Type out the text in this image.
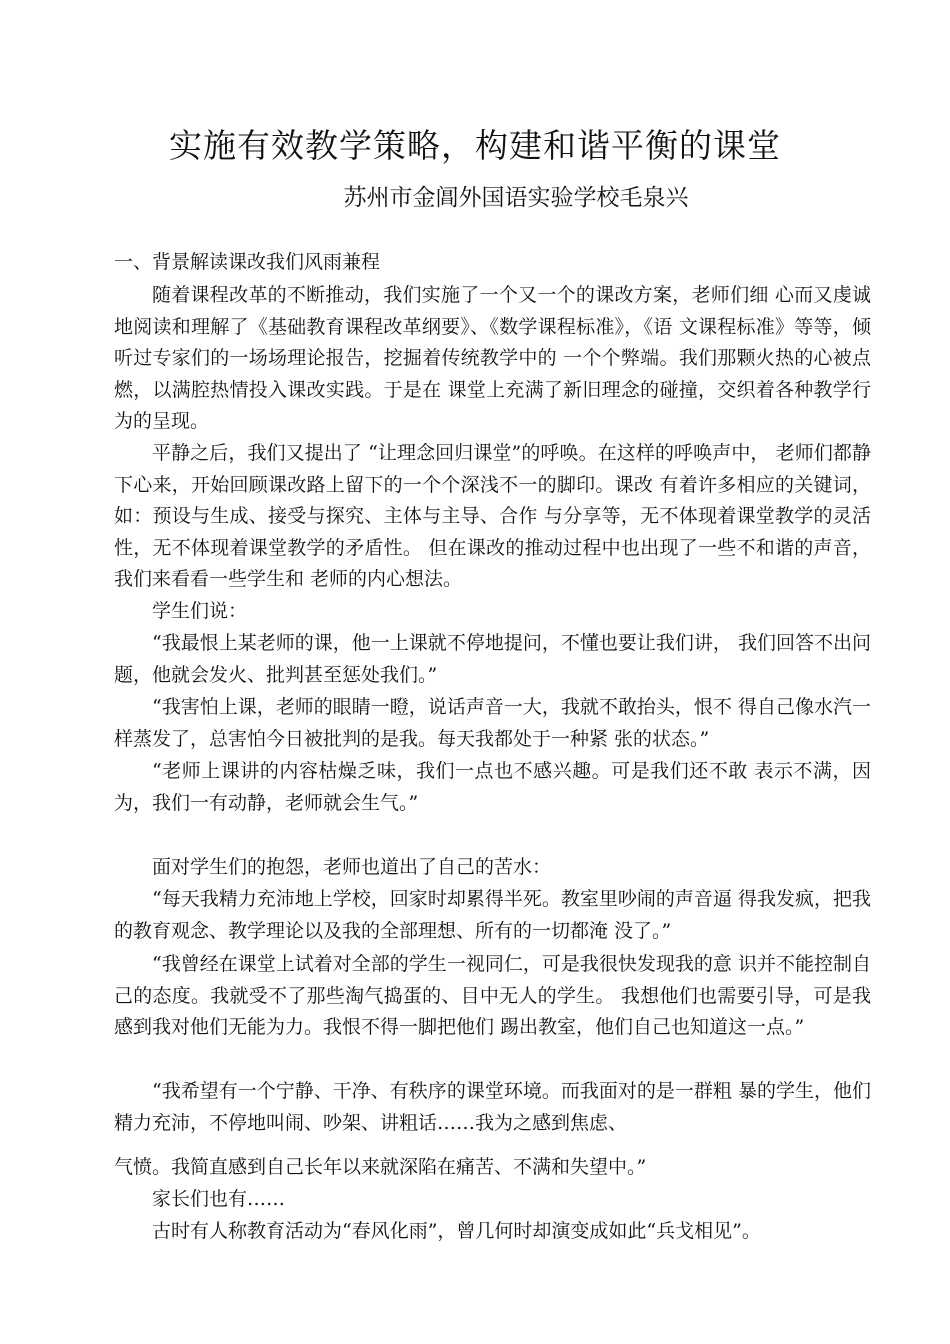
实施有效教学策略，构建和谐平衡的课堂
苏州市金阊外国语实验学校毛泉兴
一、背景解读课改我们风雨兼程
随着课程改革的不断推动，我们实施了一个又一个的课改方案，老师们细 心而又虔诚地阅读和理解了《基础教育课程改革纲要》、《数学课程标准》，《语 文课程标准》等等，倾听过专家们的一场场理论报告，挖掘着传统教学中的 一个个弊端。我们那颗火热的心被点燃，以满腔热情投入课改实践。于是在 课堂上充满了新旧理念的碰撞，交织着各种教学行为的呈现。
平静之后，我们又提出了 “让理念回归课堂”的呼唤。在这样的呼唤声中， 老师们都静下心来，开始回顾课改路上留下的一个个深浅不一的脚印。课改 有着许多相应的关键词，如：预设与生成、接受与探究、主体与主导、合作 与分享等，无不体现着课堂教学的灵活性，无不体现着课堂教学的矛盾性。 但在课改的推动过程中也出现了一些不和谐的声音，我们来看看一些学生和 老师的内心想法。
学生们说：
“我最恨上某老师的课，他一上课就不停地提问，不懂也要让我们讲， 我们回答不出问题，他就会发火、批判甚至惩处我们。”
“我害怕上课，老师的眼睛一瞪，说话声音一大，我就不敢抬头，恨不 得自己像水汽一样蒸发了，总害怕今日被批判的是我。每天我都处于一种紧 张的状态。”
“老师上课讲的内容枯燥乏味，我们一点也不感兴趣。可是我们还不敢 表示不满，因为，我们一有动静，老师就会生气。”
面对学生们的抱怨，老师也道出了自己的苦水：
“每天我精力充沛地上学校，回家时却累得半死。教室里吵闹的声音逼 得我发疯，把我的教育观念、教学理论以及我的全部理想、所有的一切都淹 没了。”
“我曾经在课堂上试着对全部的学生一视同仁，可是我很快发现我的意 识并不能控制自己的态度。我就受不了那些淘气捣蛋的、目中无人的学生。 我想他们也需要引导，可是我感到我对他们无能为力。我恨不得一脚把他们 踢出教室，他们自己也知道这一点。”
“我希望有一个宁静、干净、有秩序的课堂环境。而我面对的是一群粗 暴的学生，他们精力充沛，不停地叫闹、吵架、讲粗话……我为之感到焦虑、
气愤。我简直感到自己长年以来就深陷在痛苦、不满和失望中。”
家长们也有……
古时有人称教育活动为“春风化雨”，曾几何时却演变成如此“兵戈相见”。
